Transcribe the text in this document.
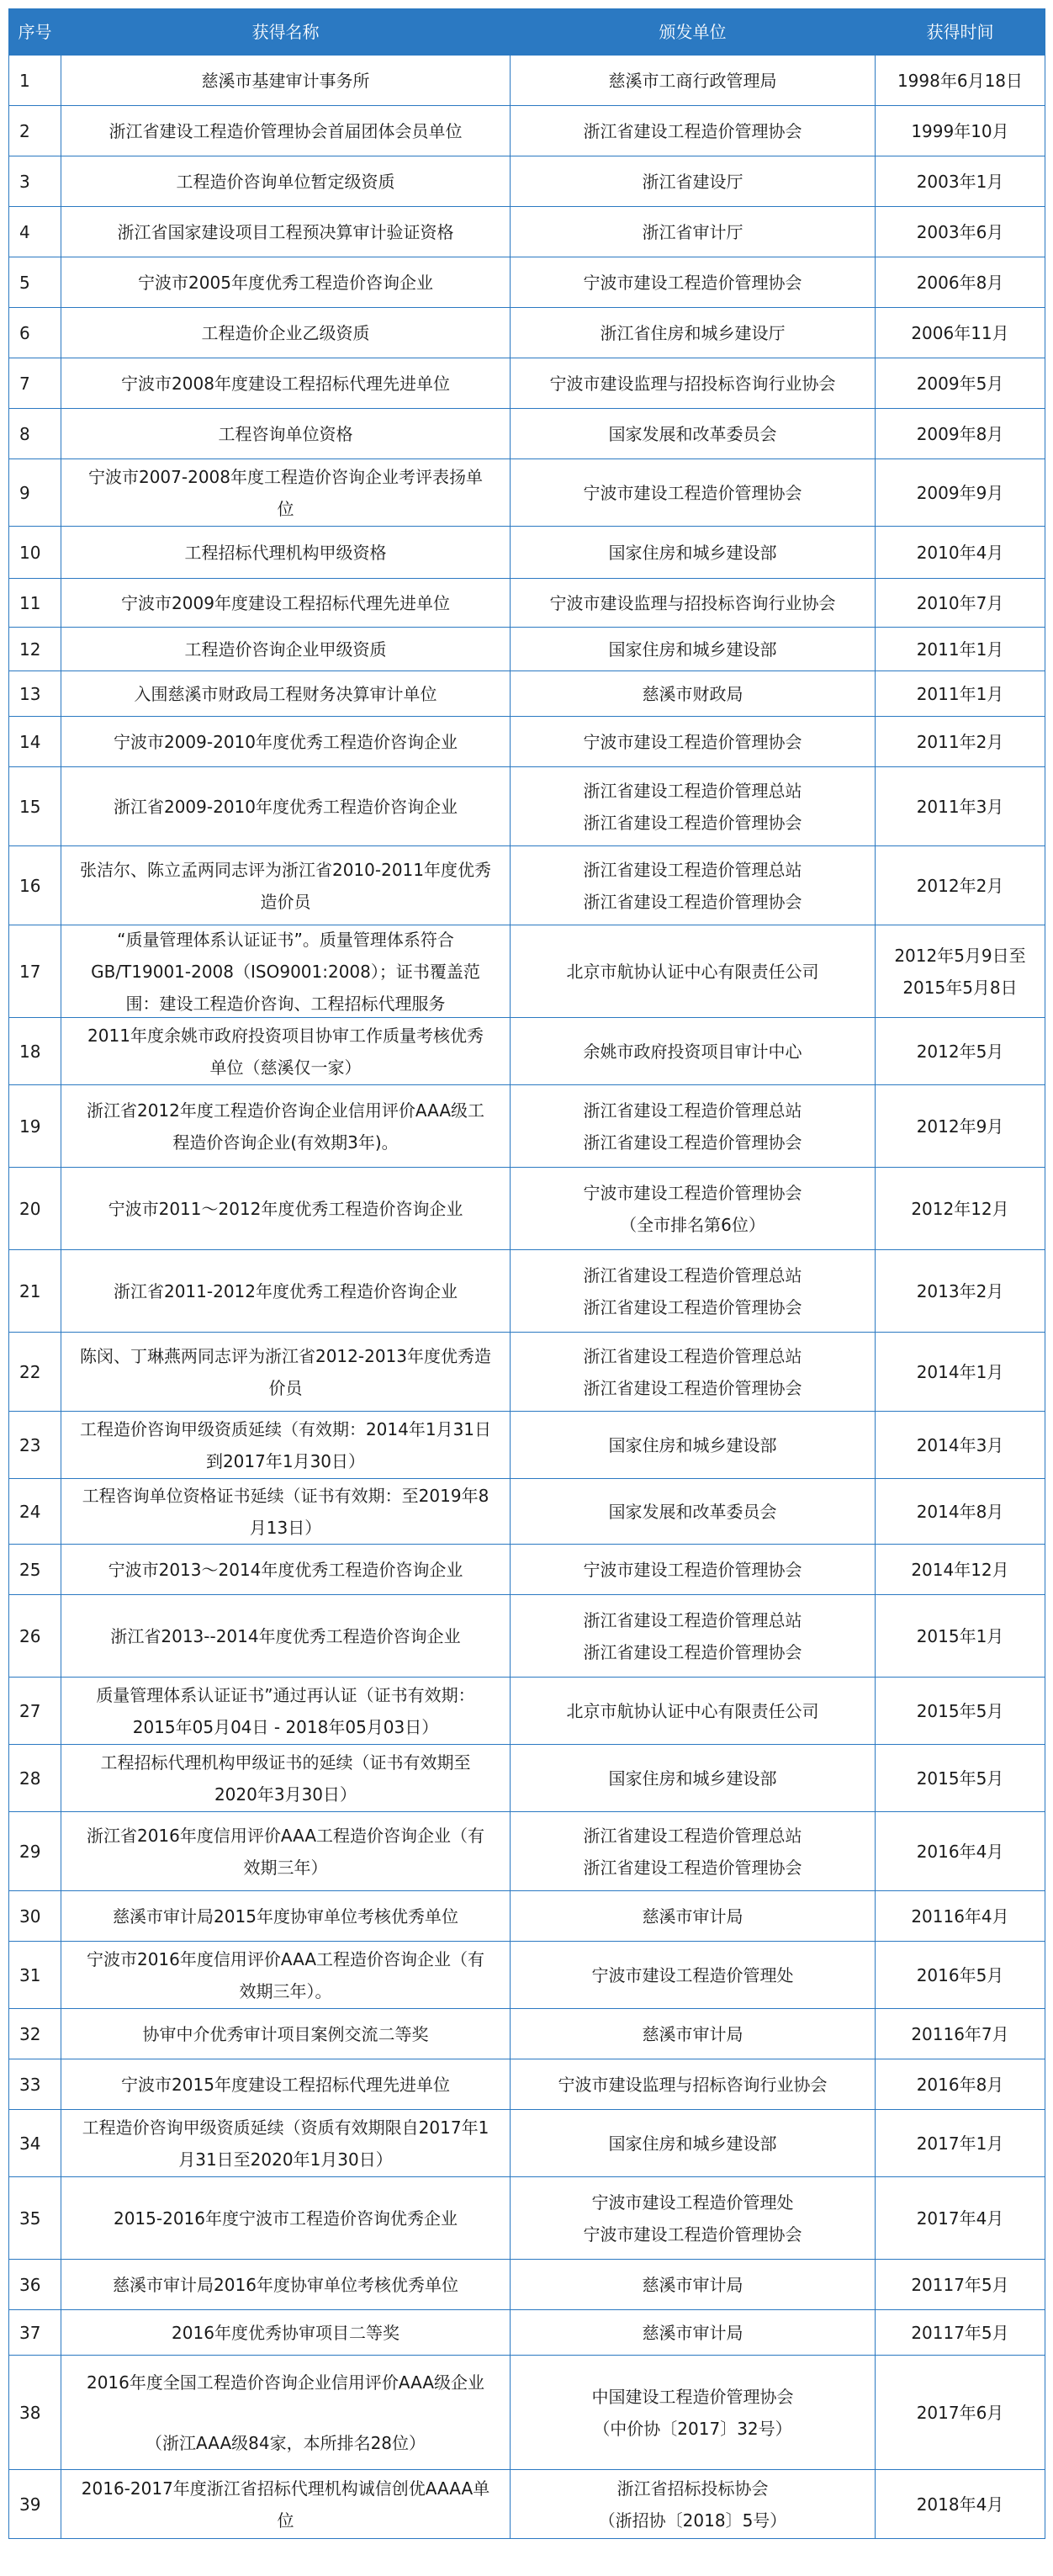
序号	获得名称	颁发单位	获得时间
1	慈溪市基建审计事务所	慈溪市工商行政管理局	1998年6月18日

2	浙江省建设工程造价管理协会首届团体会员单位	浙江省建设工程造价管理协会	1999年10月

3	工程造价咨询单位暂定级资质	浙江省建设厅	2003年1月

4	浙江省国家建设项目工程预决算审计验证资格	浙江省审计厅	2003年6月

5	宁波市2005年度优秀工程造价咨询企业	宁波市建设工程造价管理协会	2006年8月

6	工程造价企业乙级资质	浙江省住房和城乡建设厅	2006年11月

7	宁波市2008年度建设工程招标代理先进单位	宁波市建设监理与招投标咨询行业协会	2009年5月

8	工程咨询单位资格	国家发展和改革委员会	2009年8月

9	宁波市2007-2008年度工程造价咨询企业考评表扬单
位	宁波市建设工程造价管理协会	2009年9月

10	工程招标代理机构甲级资格	国家住房和城乡建设部	2010年4月

11	宁波市2009年度建设工程招标代理先进单位	宁波市建设监理与招投标咨询行业协会	2010年7月

12	工程造价咨询企业甲级资质	国家住房和城乡建设部	2011年1月

13	入围慈溪市财政局工程财务决算审计单位	慈溪市财政局	2011年1月

14	宁波市2009-2010年度优秀工程造价咨询企业	宁波市建设工程造价管理协会	2011年2月

15	浙江省2009-2010年度优秀工程造价咨询企业	浙江省建设工程造价管理总站
浙江省建设工程造价管理协会	2011年3月

16	张洁尔、陈立孟两同志评为浙江省2010-2011年度优秀
造价员	浙江省建设工程造价管理总站
浙江省建设工程造价管理协会	2012年2月

17	“质量管理体系认证证书”。质量管理体系符合
GB/T19001-2008（ISO9001:2008）；证书覆盖范
围：建设工程造价咨询、工程招标代理服务	北京市航协认证中心有限责任公司	2012年5月9日至
2015年5月8日

18	2011年度余姚市政府投资项目协审工作质量考核优秀
单位（慈溪仅一家）	余姚市政府投资项目审计中心	2012年5月

19	浙江省2012年度工程造价咨询企业信用评价AAA级工
程造价咨询企业(有效期3年)。	浙江省建设工程造价管理总站
浙江省建设工程造价管理协会	2012年9月

20	宁波市2011～2012年度优秀工程造价咨询企业	宁波市建设工程造价管理协会
（全市排名第6位）	2012年12月

21	浙江省2011-2012年度优秀工程造价咨询企业	浙江省建设工程造价管理总站
浙江省建设工程造价管理协会	2013年2月

22	陈闵、丁琳燕两同志评为浙江省2012-2013年度优秀造
价员	浙江省建设工程造价管理总站
浙江省建设工程造价管理协会	2014年1月

23	工程造价咨询甲级资质延续（有效期：2014年1月31日
到2017年1月30日）	国家住房和城乡建设部	2014年3月

24	工程咨询单位资格证书延续（证书有效期：至2019年8
月13日）	国家发展和改革委员会	2014年8月

25	宁波市2013～2014年度优秀工程造价咨询企业	宁波市建设工程造价管理协会	2014年12月

26	浙江省2013--2014年度优秀工程造价咨询企业	浙江省建设工程造价管理总站
浙江省建设工程造价管理协会	2015年1月

27	质量管理体系认证证书”通过再认证（证书有效期：
2015年05月04日 - 2018年05月03日）	北京市航协认证中心有限责任公司	2015年5月

28	工程招标代理机构甲级证书的延续（证书有效期至
2020年3月30日）	国家住房和城乡建设部	2015年5月

29	浙江省2016年度信用评价AAA工程造价咨询企业（有
效期三年）	浙江省建设工程造价管理总站
浙江省建设工程造价管理协会	2016年4月

30	慈溪市审计局2015年度协审单位考核优秀单位	慈溪市审计局	20116年4月

31	宁波市2016年度信用评价AAA工程造价咨询企业（有
效期三年）。	宁波市建设工程造价管理处	2016年5月

32	协审中介优秀审计项目案例交流二等奖	慈溪市审计局	20116年7月

33	宁波市2015年度建设工程招标代理先进单位	宁波市建设监理与招标咨询行业协会	2016年8月

34	工程造价咨询甲级资质延续（资质有效期限自2017年1
月31日至2020年1月30日）	国家住房和城乡建设部	2017年1月

35	2015-2016年度宁波市工程造价咨询优秀企业	宁波市建设工程造价管理处
宁波市建设工程造价管理协会	2017年4月

36	慈溪市审计局2016年度协审单位考核优秀单位	慈溪市审计局	20117年5月

37	2016年度优秀协审项目二等奖	慈溪市审计局	20117年5月

38	2016年度全国工程造价咨询企业信用评价AAA级企业
（浙江AAA级84家，本所排名28位）	中国建设工程造价管理协会
（中价协〔2017〕32号）	2017年6月

39	2016-2017年度浙江省招标代理机构诚信创优AAAA单
位	浙江省招标投标协会
（浙招协〔2018〕5号）	2018年4月
